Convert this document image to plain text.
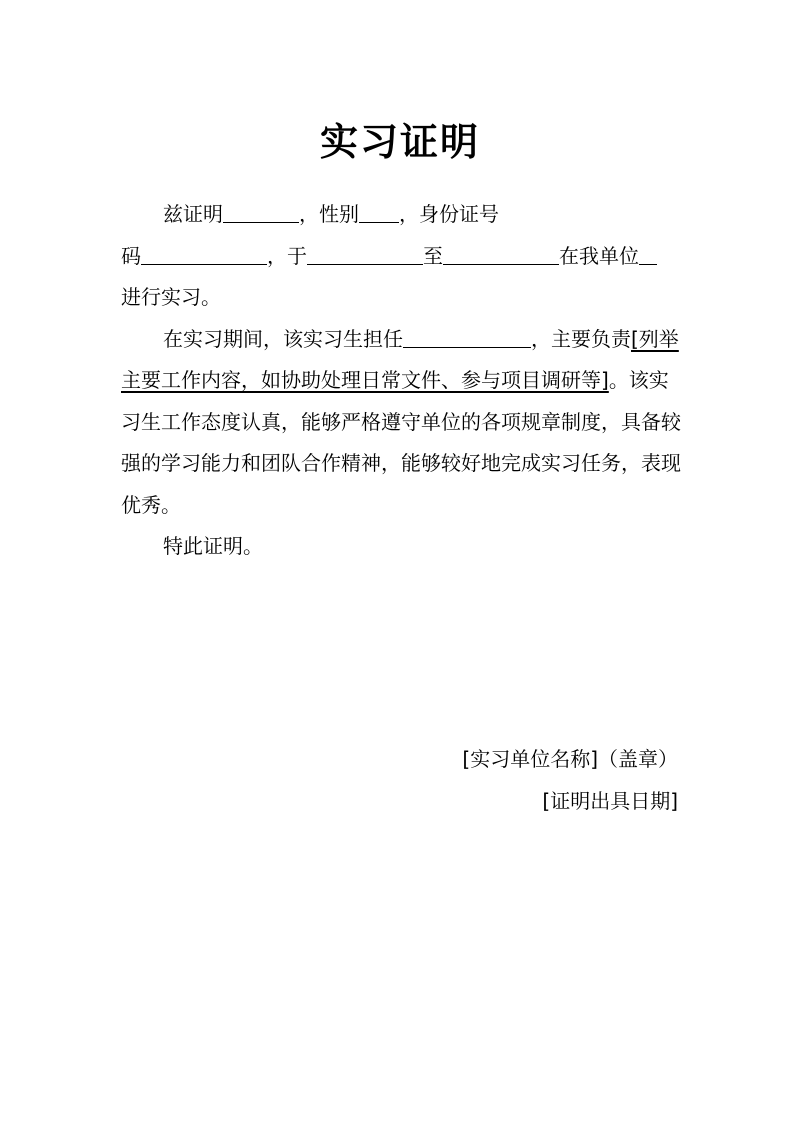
实习证明

兹证明	，性别 ，身份证号
码	，于	至	在我单位
进行实习。

在实习期间，该实习生担任	，主要负责[列举主要工作内容，如协助处理日常文件、参与项目调研等]。该实习生工作态度认真，能够严格遵守单位的各项规章制度，具备较强的学习能力和团队合作精神，能够较好地完成实习任务，表现优秀。

特此证明。

[实习单位名称]（盖章）
[证明出具日期]
